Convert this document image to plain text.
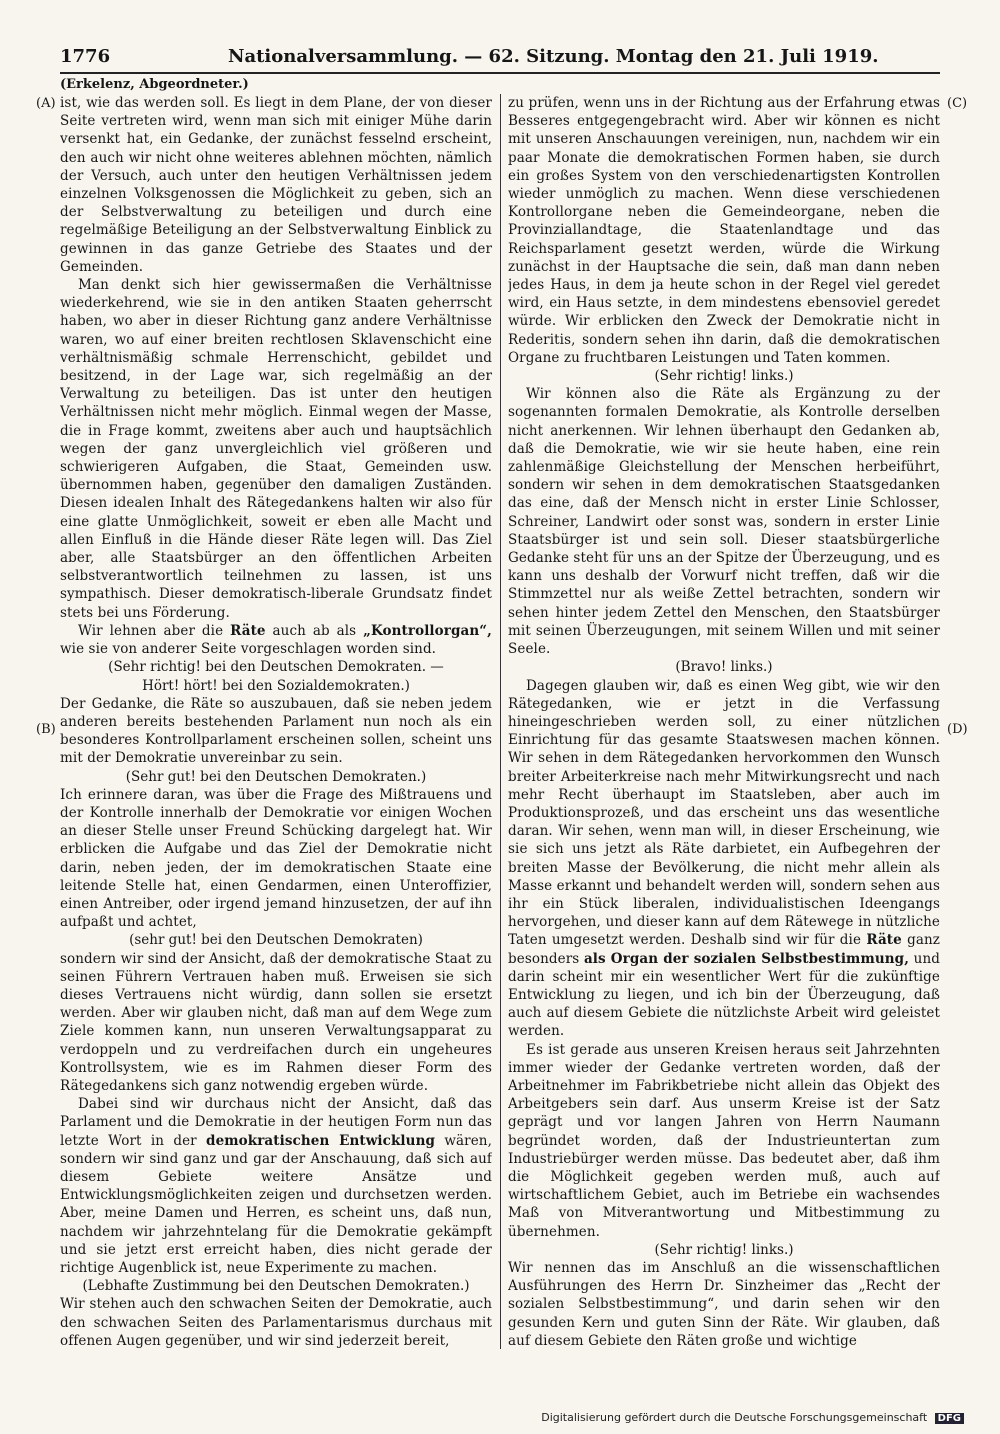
1776	Nationalversammlung. — 62. Sitzung. Montag den 21. Juli 1919.
(A)
(B)
(C)
(D)

(Erkelenz, Abgeordneter.)

ist, wie das werden soll. Es liegt in dem Plane, der von dieser Seite vertreten wird, wenn man sich mit einiger Mühe darin versenkt hat, ein Gedanke, der zunächst fesselnd erscheint, den auch wir nicht ohne weiteres ablehnen möchten, nämlich der Versuch, auch unter den heutigen Verhältnissen jedem einzelnen Volksgenossen die Möglichkeit zu geben, sich an der Selbstverwaltung zu beteiligen und durch eine regelmäßige Beteiligung an der Selbstverwaltung Einblick zu gewinnen in das ganze Getriebe des Staates und der Gemeinden.

Man denkt sich hier gewissermaßen die Verhältnisse wiederkehrend, wie sie in den antiken Staaten geherrscht haben, wo aber in dieser Richtung ganz andere Verhältnisse waren, wo auf einer breiten rechtlosen Sklavenschicht eine verhältnismäßig schmale Herrenschicht, gebildet und besitzend, in der Lage war, sich regelmäßig an der Verwaltung zu beteiligen. Das ist unter den heutigen Verhältnissen nicht mehr möglich. Einmal wegen der Masse, die in Frage kommt, zweitens aber auch und hauptsächlich wegen der ganz unvergleichlich viel größeren und schwierigeren Aufgaben, die Staat, Gemeinden usw. übernommen haben, gegenüber den damaligen Zuständen. Diesen idealen Inhalt des Rätegedankens halten wir also für eine glatte Unmöglichkeit, soweit er eben alle Macht und allen Einfluß in die Hände dieser Räte legen will. Das Ziel aber, alle Staatsbürger an den öffentlichen Arbeiten selbstverantwortlich teilnehmen zu lassen, ist uns sympathisch. Dieser demokratisch-liberale Grundsatz findet stets bei uns Förderung.

Wir lehnen aber die Räte auch ab als „Kontrollorgan“, wie sie von anderer Seite vorgeschlagen worden sind.

(Sehr richtig! bei den Deutschen Demokraten. —

Hört! hört! bei den Sozialdemokraten.)

Der Gedanke, die Räte so auszubauen, daß sie neben jedem anderen bereits bestehenden Parlament nun noch als ein besonderes Kontrollparlament erscheinen sollen, scheint uns mit der Demokratie unvereinbar zu sein.

(Sehr gut! bei den Deutschen Demokraten.)

Ich erinnere daran, was über die Frage des Mißtrauens und der Kontrolle innerhalb der Demokratie vor einigen Wochen an dieser Stelle unser Freund Schücking dargelegt hat. Wir erblicken die Aufgabe und das Ziel der Demokratie nicht darin, neben jeden, der im demokratischen Staate eine leitende Stelle hat, einen Gendarmen, einen Unteroffizier, einen Antreiber, oder irgend jemand hinzusetzen, der auf ihn aufpaßt und achtet,

(sehr gut! bei den Deutschen Demokraten)

sondern wir sind der Ansicht, daß der demokratische Staat zu seinen Führern Vertrauen haben muß. Erweisen sie sich dieses Vertrauens nicht würdig, dann sollen sie ersetzt werden. Aber wir glauben nicht, daß man auf dem Wege zum Ziele kommen kann, nun unseren Verwaltungsapparat zu verdoppeln und zu verdreifachen durch ein ungeheures Kontrollsystem, wie es im Rahmen dieser Form des Rätegedankens sich ganz notwendig ergeben würde.

Dabei sind wir durchaus nicht der Ansicht, daß das Parlament und die Demokratie in der heutigen Form nun das letzte Wort in der demokratischen Entwicklung wären, sondern wir sind ganz und gar der Anschauung, daß sich auf diesem Gebiete weitere Ansätze und Entwicklungsmöglichkeiten zeigen und durchsetzen werden. Aber, meine Damen und Herren, es scheint uns, daß nun, nachdem wir jahrzehntelang für die Demokratie gekämpft und sie jetzt erst erreicht haben, dies nicht gerade der richtige Augenblick ist, neue Experimente zu machen.

(Lebhafte Zustimmung bei den Deutschen Demokraten.)

Wir stehen auch den schwachen Seiten der Demokratie, auch den schwachen Seiten des Parlamentarismus durchaus mit offenen Augen gegenüber, und wir sind jederzeit bereit,

zu prüfen, wenn uns in der Richtung aus der Erfahrung etwas Besseres entgegengebracht wird. Aber wir können es nicht mit unseren Anschauungen vereinigen, nun, nachdem wir ein paar Monate die demokratischen Formen haben, sie durch ein großes System von den verschiedenartigsten Kontrollen wieder unmöglich zu machen. Wenn diese verschiedenen Kontrollorgane neben die Gemeindeorgane, neben die Provinziallandtage, die Staatenlandtage und das Reichsparlament gesetzt werden, würde die Wirkung zunächst in der Hauptsache die sein, daß man dann neben jedes Haus, in dem ja heute schon in der Regel viel geredet wird, ein Haus setzte, in dem mindestens ebensoviel geredet würde. Wir erblicken den Zweck der Demokratie nicht in Rederitis, sondern sehen ihn darin, daß die demokratischen Organe zu fruchtbaren Leistungen und Taten kommen.

(Sehr richtig! links.)

Wir können also die Räte als Ergänzung zu der sogenannten formalen Demokratie, als Kontrolle derselben nicht anerkennen. Wir lehnen überhaupt den Gedanken ab, daß die Demokratie, wie wir sie heute haben, eine rein zahlenmäßige Gleichstellung der Menschen herbeiführt, sondern wir sehen in dem demokratischen Staatsgedanken das eine, daß der Mensch nicht in erster Linie Schlosser, Schreiner, Landwirt oder sonst was, sondern in erster Linie Staatsbürger ist und sein soll. Dieser staatsbürgerliche Gedanke steht für uns an der Spitze der Überzeugung, und es kann uns deshalb der Vorwurf nicht treffen, daß wir die Stimmzettel nur als weiße Zettel betrachten, sondern wir sehen hinter jedem Zettel den Menschen, den Staatsbürger mit seinen Überzeugungen, mit seinem Willen und mit seiner Seele.

(Bravo! links.)

Dagegen glauben wir, daß es einen Weg gibt, wie wir den Rätegedanken, wie er jetzt in die Verfassung hineingeschrieben werden soll, zu einer nützlichen Einrichtung für das gesamte Staatswesen machen können. Wir sehen in dem Rätegedanken hervorkommen den Wunsch breiter Arbeiterkreise nach mehr Mitwirkungsrecht und nach mehr Recht überhaupt im Staatsleben, aber auch im Produktionsprozeß, und das erscheint uns das wesentliche daran. Wir sehen, wenn man will, in dieser Erscheinung, wie sie sich uns jetzt als Räte darbietet, ein Aufbegehren der breiten Masse der Bevölkerung, die nicht mehr allein als Masse erkannt und behandelt werden will, sondern sehen aus ihr ein Stück liberalen, individualistischen Ideengangs hervorgehen, und dieser kann auf dem Rätewege in nützliche Taten umgesetzt werden. Deshalb sind wir für die Räte ganz besonders als Organ der sozialen Selbstbestimmung, und darin scheint mir ein wesentlicher Wert für die zukünftige Entwicklung zu liegen, und ich bin der Überzeugung, daß auch auf diesem Gebiete die nützlichste Arbeit wird geleistet werden.

Es ist gerade aus unseren Kreisen heraus seit Jahrzehnten immer wieder der Gedanke vertreten worden, daß der Arbeitnehmer im Fabrikbetriebe nicht allein das Objekt des Arbeitgebers sein darf. Aus unserm Kreise ist der Satz geprägt und vor langen Jahren von Herrn Naumann begründet worden, daß der Industrieuntertan zum Industriebürger werden müsse. Das bedeutet aber, daß ihm die Möglichkeit gegeben werden muß, auch auf wirtschaftlichem Gebiet, auch im Betriebe ein wachsendes Maß von Mitverantwortung und Mitbestimmung zu übernehmen.

(Sehr richtig! links.)

Wir nennen das im Anschluß an die wissenschaftlichen Ausführungen des Herrn Dr. Sinzheimer das „Recht der sozialen Selbstbestimmung“, und darin sehen wir den gesunden Kern und guten Sinn der Räte. Wir glauben, daß auf diesem Gebiete den Räten große und wichtige

Digitalisierung gefördert durch die Deutsche Forschungsgemeinschaft DFG
